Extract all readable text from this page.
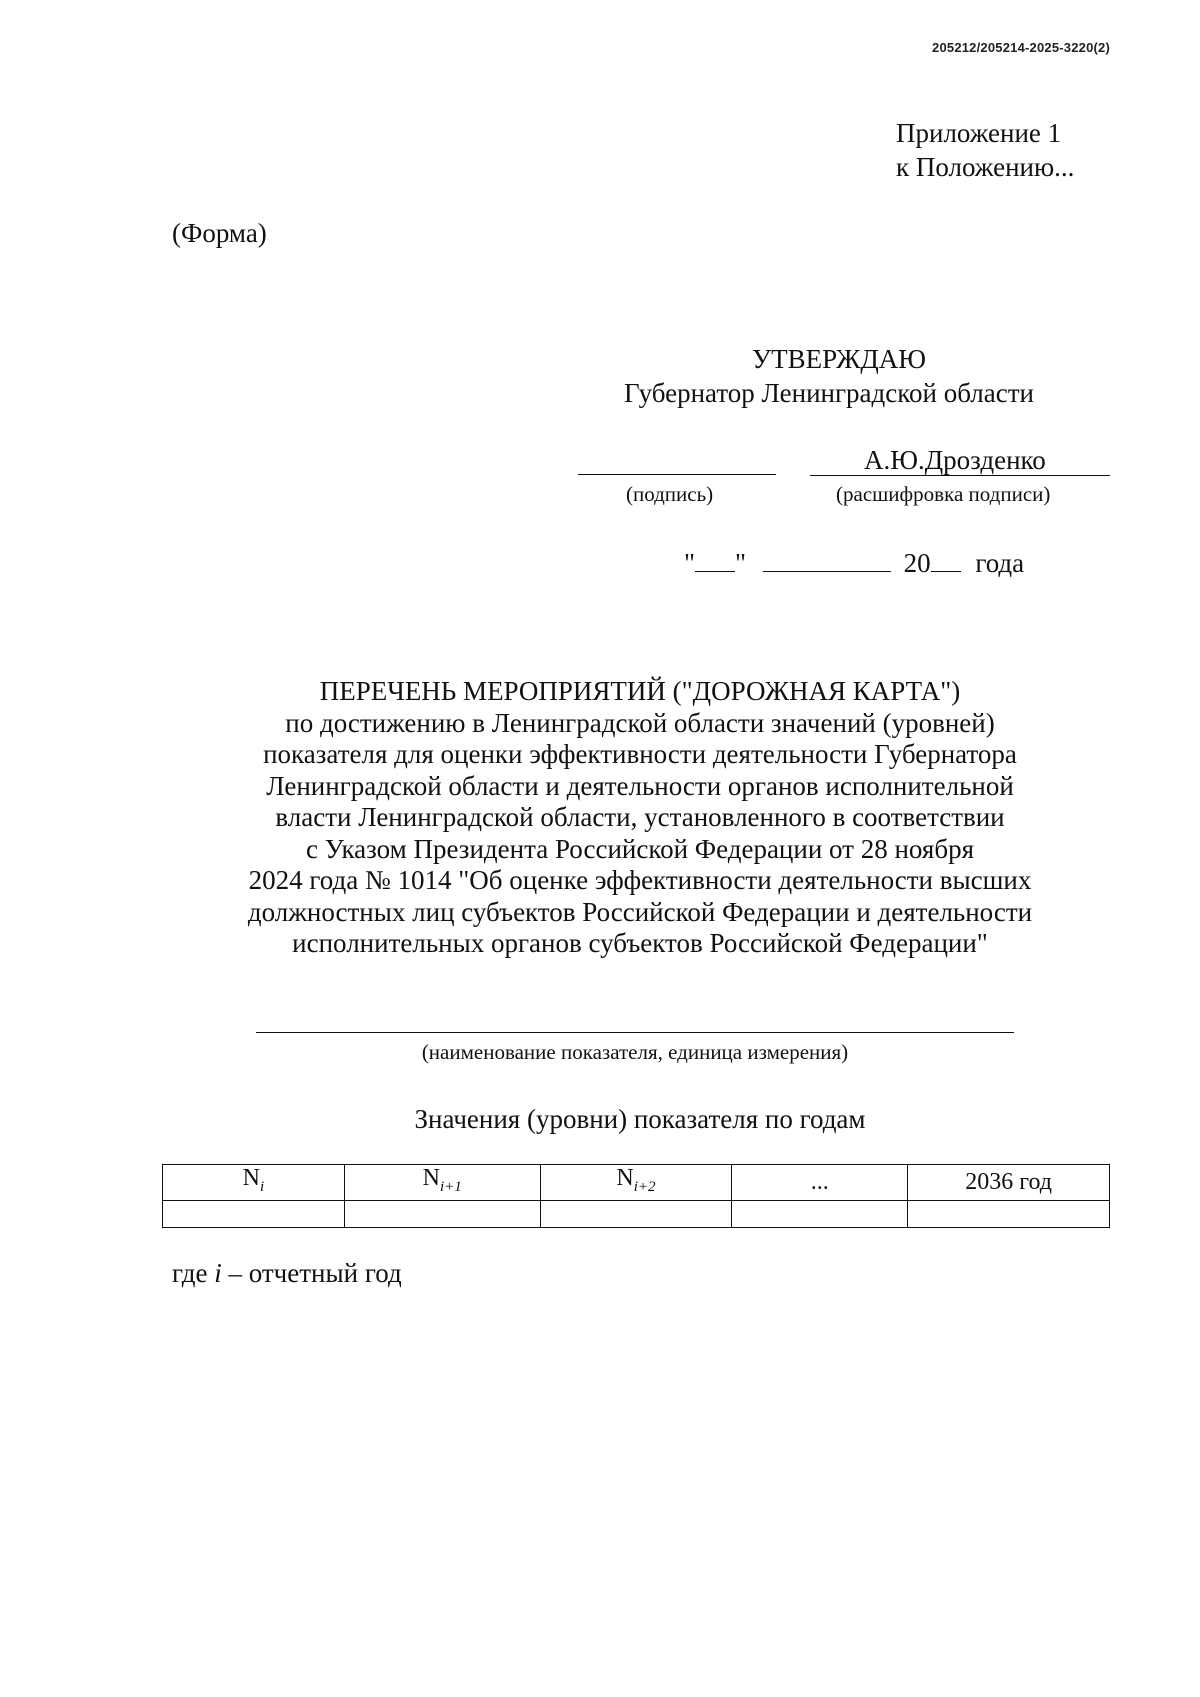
205212/205214-2025-3220(2)
Приложение 1
к Положению...
(Форма)
УТВЕРЖДАЮ
Губернатор Ленинградской области
А.Ю.Дрозденко
(подпись)	(расшифровка подписи)
" "	20 года
ПЕРЕЧЕНЬ МЕРОПРИЯТИЙ ("ДОРОЖНАЯ КАРТА")
по достижению в Ленинградской области значений (уровней)
показателя для оценки эффективности деятельности Губернатора
Ленинградской области и деятельности органов исполнительной
власти Ленинградской области, установленного в соответствии
с Указом Президента Российской Федерации от 28 ноября
2024 года № 1014 "Об оценке эффективности деятельности высших
должностных лиц субъектов Российской Федерации и деятельности
исполнительных органов субъектов Российской Федерации"
(наименование показателя, единица измерения)
Значения (уровни) показателя по годам
$N_i$	$N_{i+1}$	$N_{i+2}$	...	2036 год

где i – отчетный год
